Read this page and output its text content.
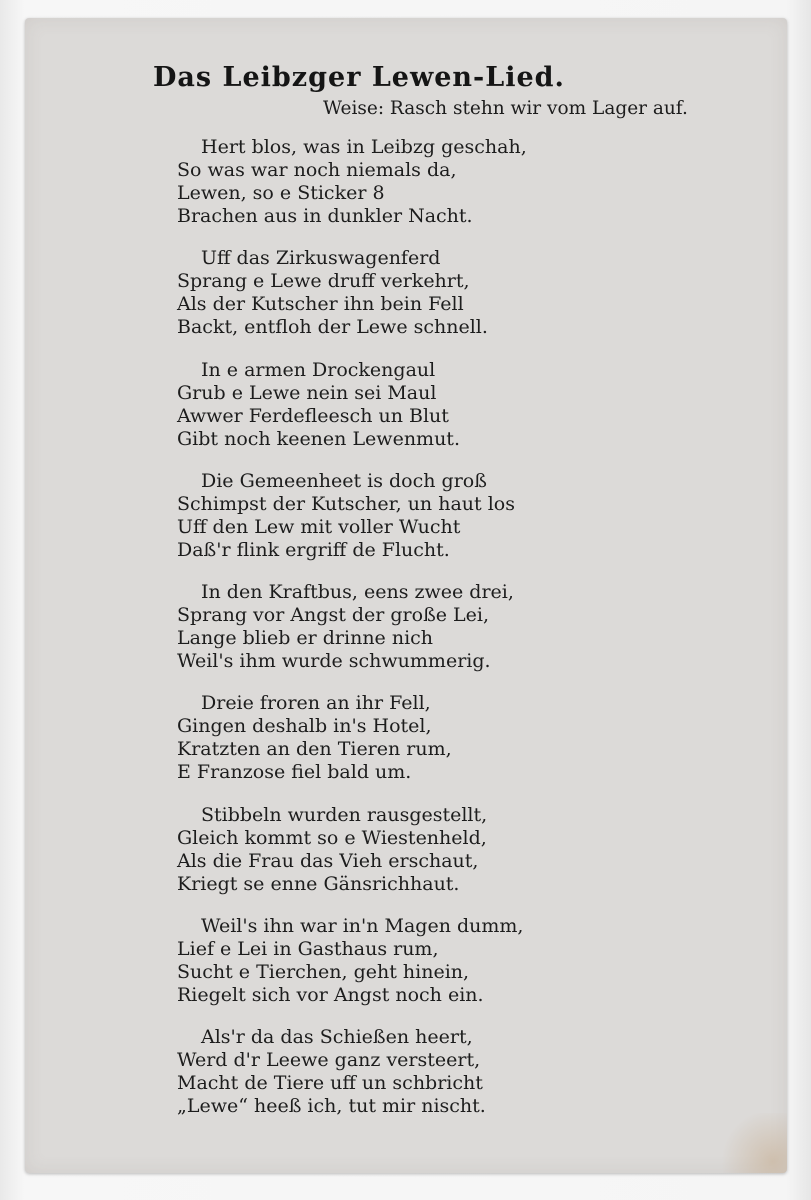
Das Leibzger Lewen-Lied.
Weise: Rasch stehn wir vom Lager auf.
Hert blos, was in Leibzg geschah,
So was war noch niemals da,
Lewen, so e Sticker 8
Brachen aus in dunkler Nacht.
Uff das Zirkuswagenferd
Sprang e Lewe druff verkehrt,
Als der Kutscher ihn bein Fell
Backt, entfloh der Lewe schnell.
In e armen Drockengaul
Grub e Lewe nein sei Maul
Awwer Ferdefleesch un Blut
Gibt noch keenen Lewenmut.
Die Gemeenheet is doch groß
Schimpst der Kutscher, un haut los
Uff den Lew mit voller Wucht
Daß'r flink ergriff de Flucht.
In den Kraftbus, eens zwee drei,
Sprang vor Angst der große Lei,
Lange blieb er drinne nich
Weil's ihm wurde schwummerig.
Dreie froren an ihr Fell,
Gingen deshalb in's Hotel,
Kratzten an den Tieren rum,
E Franzose fiel bald um.
Stibbeln wurden rausgestellt,
Gleich kommt so e Wiestenheld,
Als die Frau das Vieh erschaut,
Kriegt se enne Gänsrichhaut.
Weil's ihn war in'n Magen dumm,
Lief e Lei in Gasthaus rum,
Sucht e Tierchen, geht hinein,
Riegelt sich vor Angst noch ein.
Als'r da das Schießen heert,
Werd d'r Leewe ganz versteert,
Macht de Tiere uff un schbricht
„Lewe“ heeß ich, tut mir nischt.
